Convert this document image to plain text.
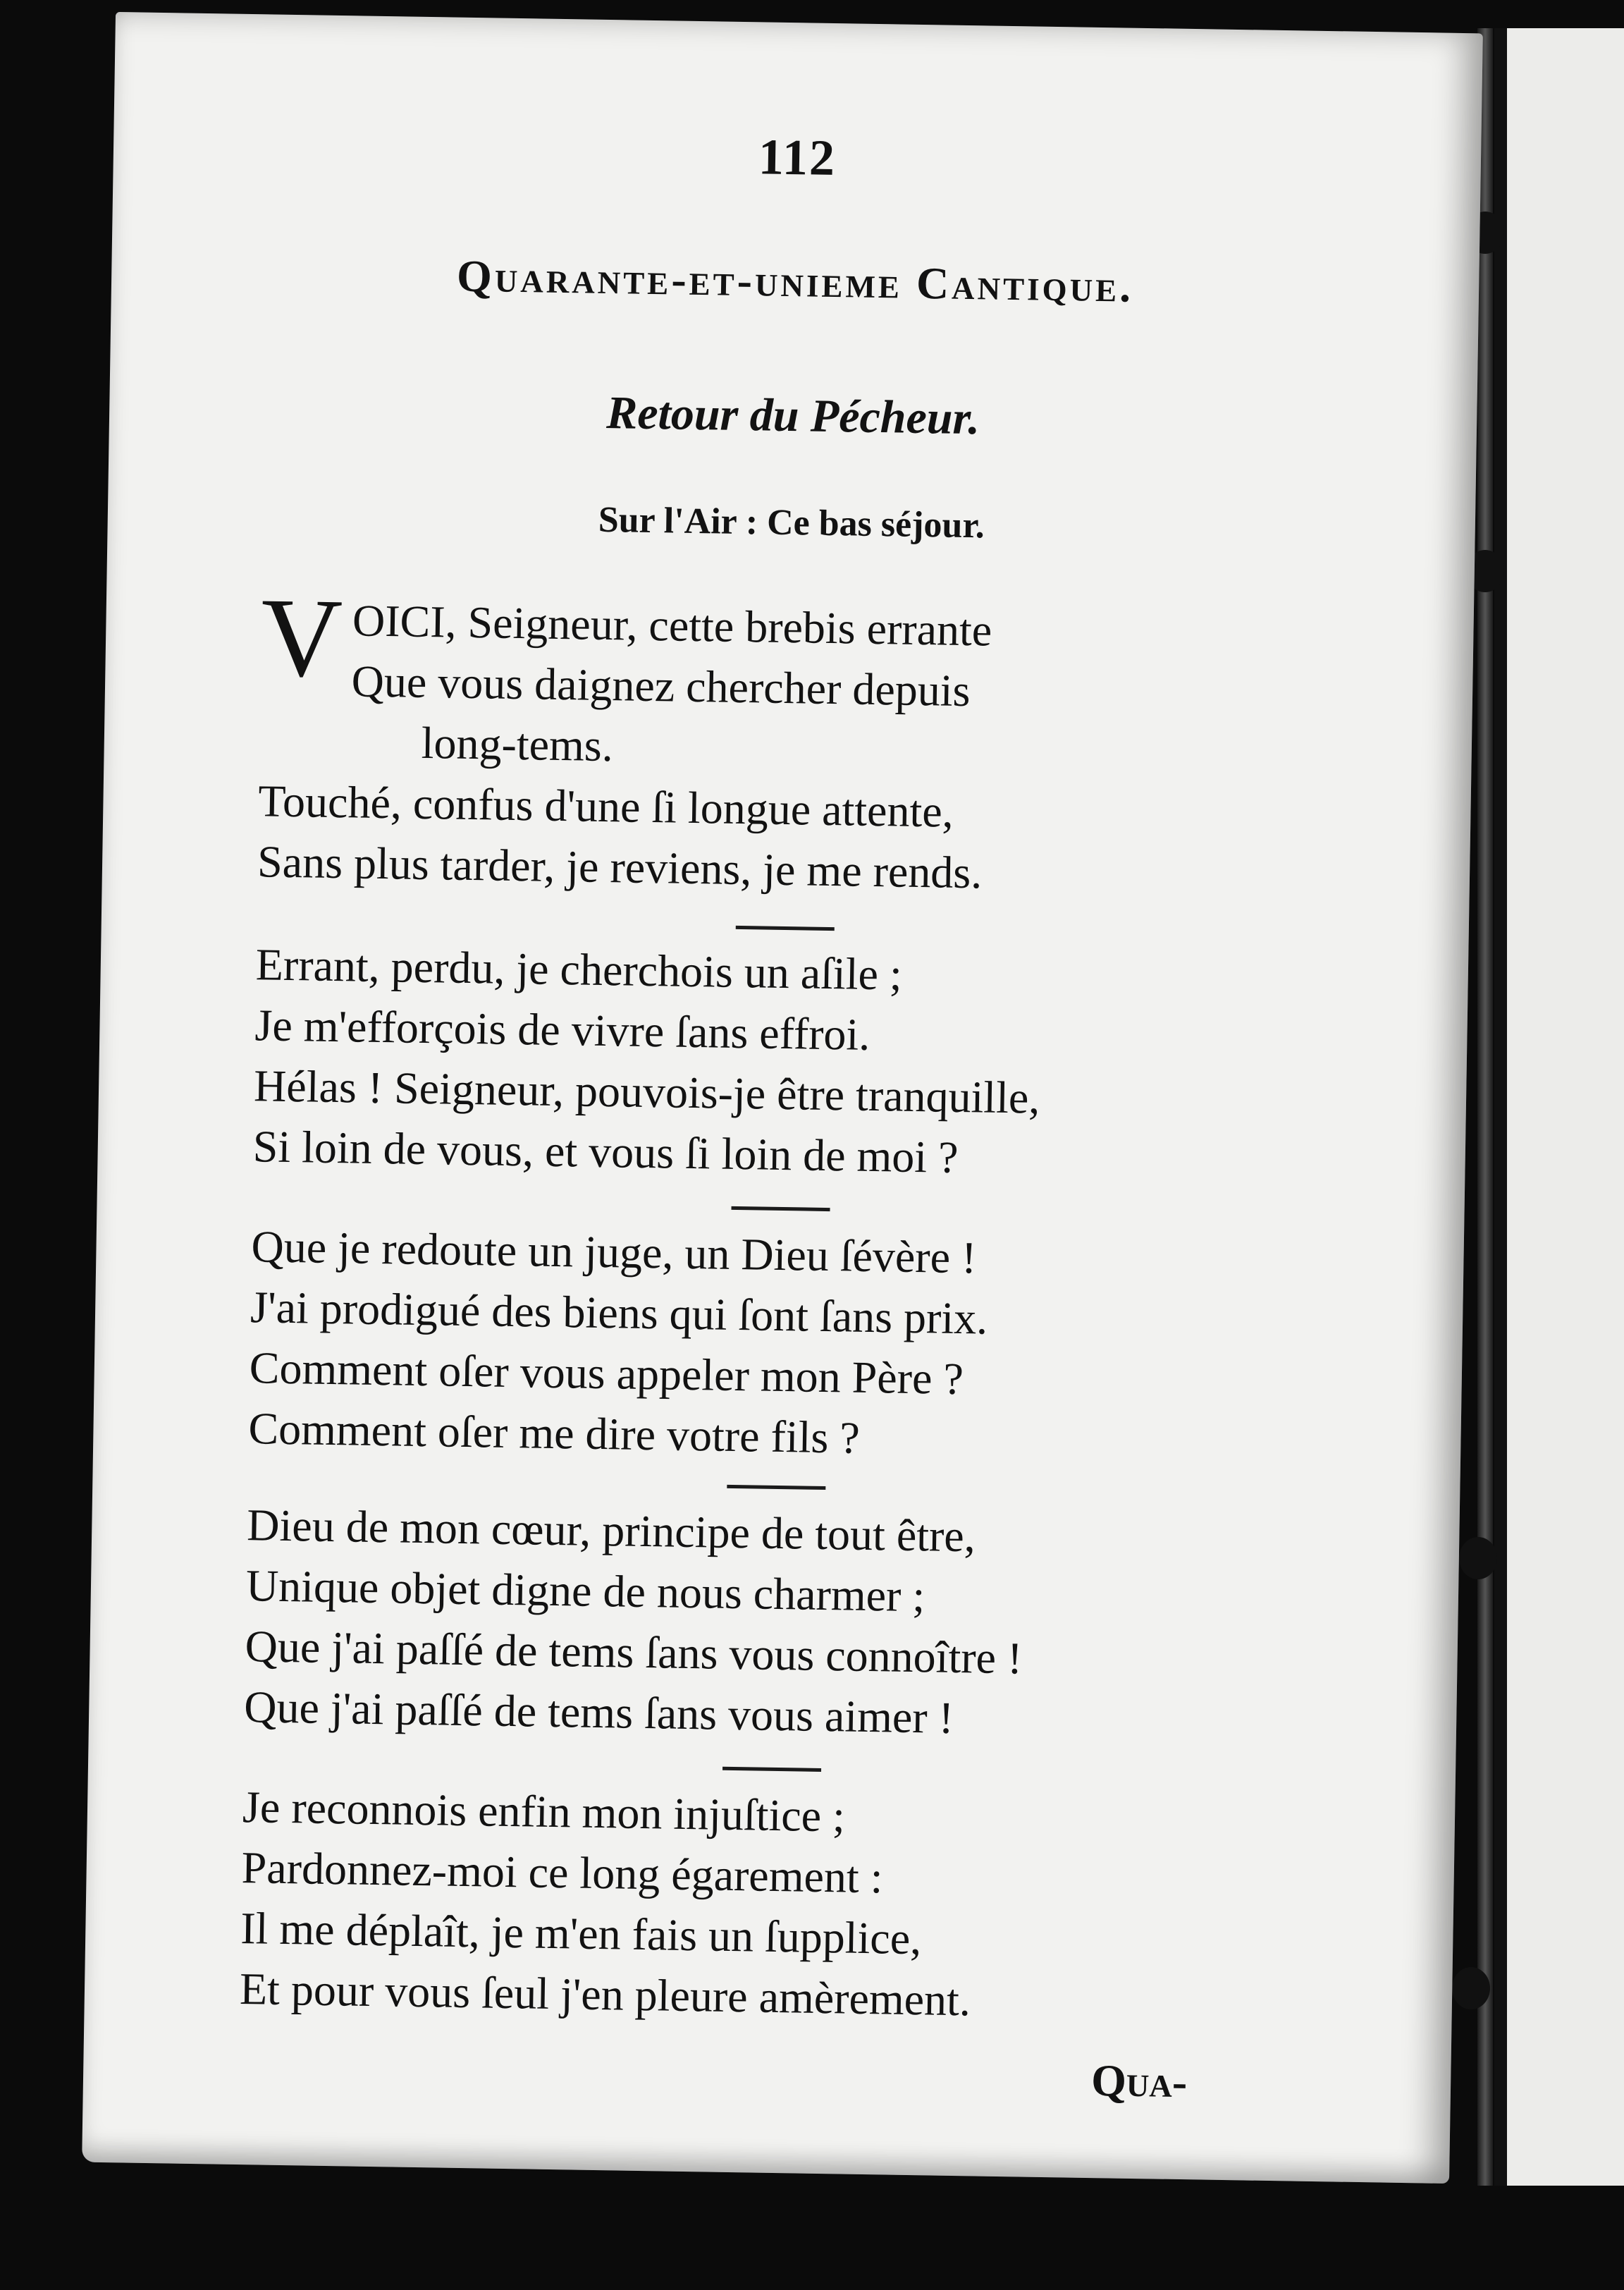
112
Quarante-et-unieme Cantique.
Retour du Pécheur.
Sur l'Air : Ce bas séjour.
V OICI, Seigneur, cette brebis errante
Que vous daignez chercher depuis
long-tems.
Touché, confus d'une ſi longue attente,
Sans plus tarder, je reviens, je me rends.
Errant, perdu, je cherchois un aſile ;
Je m'efforçois de vivre ſans effroi.
Hélas ! Seigneur, pouvois-je être tranquille,
Si loin de vous, et vous ſi loin de moi ?
Que je redoute un juge, un Dieu ſévère !
J'ai prodigué des biens qui ſont ſans prix.
Comment oſer vous appeler mon Père ?
Comment oſer me dire votre fils ?
Dieu de mon cœur, principe de tout être,
Unique objet digne de nous charmer ;
Que j'ai paſſé de tems ſans vous connoître !
Que j'ai paſſé de tems ſans vous aimer !
Je reconnois enfin mon injuſtice ;
Pardonnez-moi ce long égarement :
Il me déplaît, je m'en fais un ſupplice,
Et pour vous ſeul j'en pleure amèrement.
Qua-
